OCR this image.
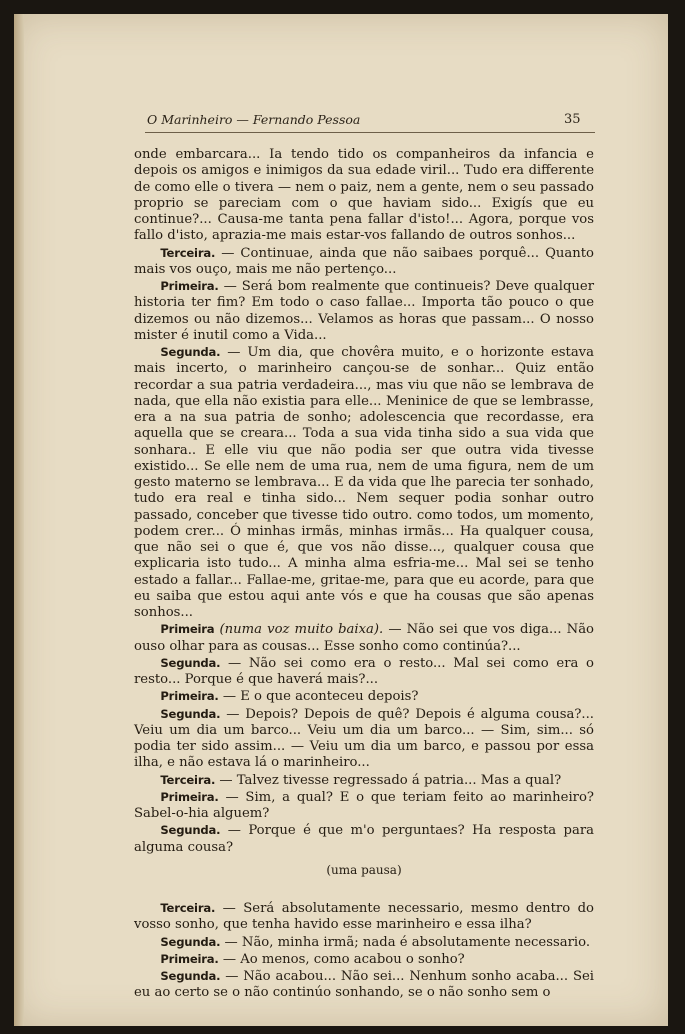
O Marinheiro — Fernando Pessoa	35

onde embarcara... Ia tendo tido os companheiros da infancia e depois os amigos e inimigos da sua edade viril... Tudo era differente de como elle o tivera — nem o paiz, nem a gente, nem o seu passado proprio se pareciam com o que haviam sido... Exigís que eu continue?... Causa-me tanta pena fallar d'isto!... Agora, porque vos fallo d'isto, aprazia-me mais estar-vos fallando de outros sonhos...

  Terceira. — Continuae, ainda que não saibaes porquê... Quanto mais vos ouço, mais me não pertenço...

  Primeira. — Será bom realmente que continueis? Deve qualquer historia ter fim? Em todo o caso fallae... Importa tão pouco o que dizemos ou não dizemos... Velamos as horas que passam... O nosso mister é inutil como a Vida...

  Segunda. — Um dia, que chovêra muito, e o horizonte estava mais incerto, o marinheiro cançou-se de sonhar... Quiz então recordar a sua patria verdadeira..., mas viu que não se lembrava de nada, que ella não existia para elle... Meninice de que se lembrasse, era a na sua patria de sonho; adolescencia que recordasse, era aquella que se creara... Toda a sua vida tinha sido a sua vida que sonhara.. E elle viu que não podia ser que outra vida tivesse existido... Se elle nem de uma rua, nem de uma figura, nem de um gesto materno se lembrava... E da vida que lhe parecia ter sonhado, tudo era real e tinha sido... Nem sequer podia sonhar outro passado, conceber que tivesse tido outro. como todos, um momento, podem crer... Ó minhas irmãs, minhas irmãs... Ha qualquer cousa, que não sei o que é, que vos não disse..., qualquer cousa que explicaria isto tudo... A minha alma esfria-me... Mal sei se tenho estado a fallar... Fallae-me, gritae-me, para que eu acorde, para que eu saiba que estou aqui ante vós e que ha cousas que são apenas sonhos...

  Primeira (numa voz muito baixa). — Não sei que vos diga... Não ouso olhar para as cousas... Esse sonho como continúa?...

  Segunda. — Não sei como era o resto... Mal sei como era o resto... Porque é que haverá mais?...

  Primeira. — E o que aconteceu depois?

  Segunda. — Depois? Depois de quê? Depois é alguma cousa?... Veiu um dia um barco... Veiu um dia um barco... — Sim, sim... só podia ter sido assim... — Veiu um dia um barco, e passou por essa ilha, e não estava lá o marinheiro...

  Terceira. — Talvez tivesse regressado á patria... Mas a qual?

  Primeira. — Sim, a qual? E o que teriam feito ao marinheiro? Sabel-o-hia alguem?

  Segunda. — Porque é que m'o perguntaes? Ha resposta para alguma cousa?

(uma pausa)

  Terceira. — Será absolutamente necessario, mesmo dentro do vosso sonho, que tenha havido esse marinheiro e essa ilha?

  Segunda. — Não, minha irmã; nada é absolutamente necessario.

  Primeira. — Ao menos, como acabou o sonho?

  Segunda. — Não acabou... Não sei... Nenhum sonho acaba... Sei eu ao certo se o não continúo sonhando, se o não sonho sem o
